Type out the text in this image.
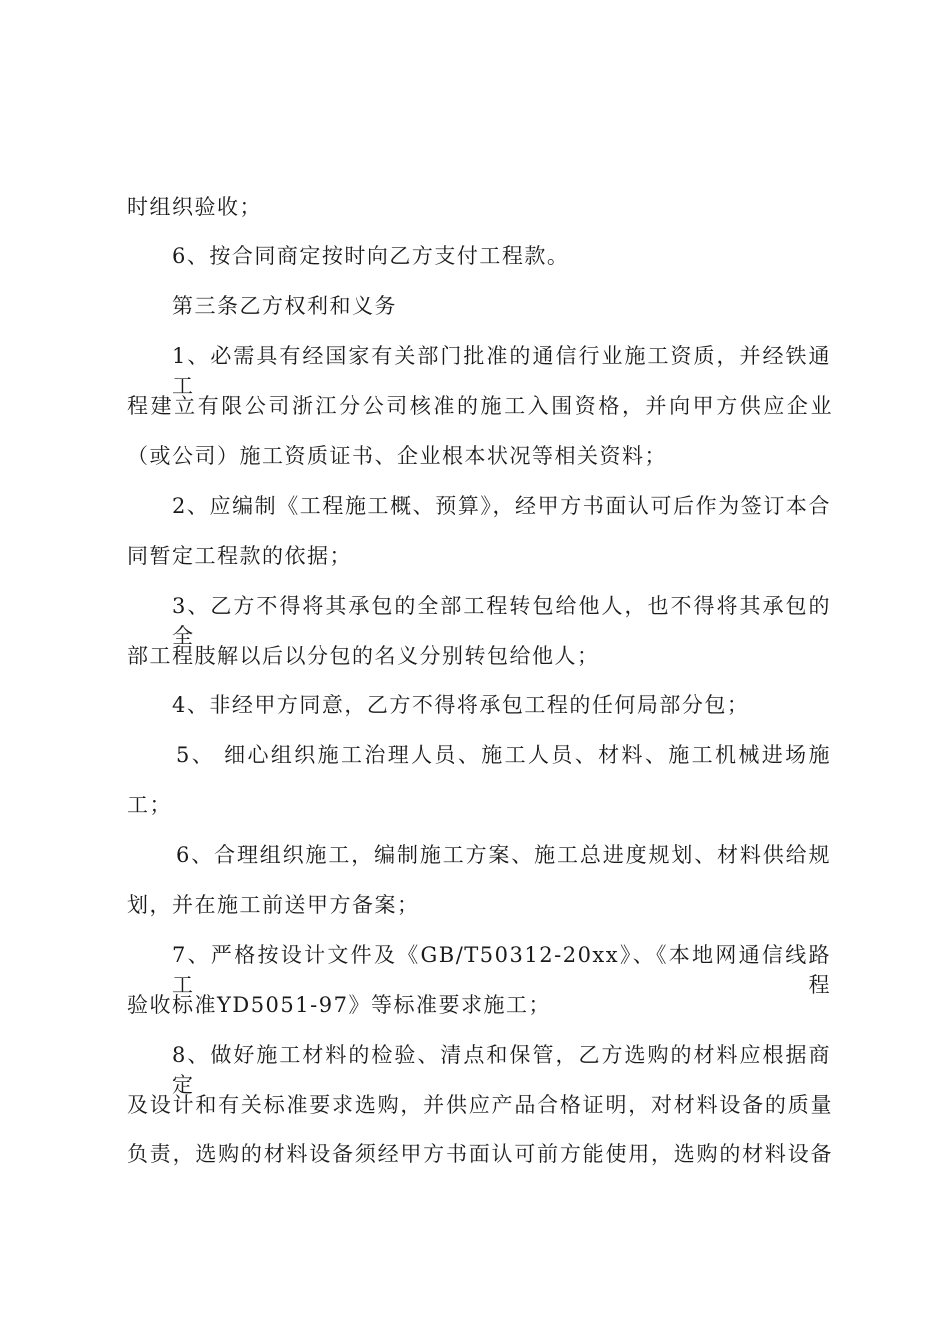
时组织验收；
6、按合同商定按时向乙方支付工程款。
第三条乙方权利和义务
1、必需具有经国家有关部门批准的通信行业施工资质，并经铁通工
程建立有限公司浙江分公司核准的施工入围资格，并向甲方供应企业
（或公司）施工资质证书、企业根本状况等相关资料；
2、应编制《工程施工概、预算》，经甲方书面认可后作为签订本合
同暂定工程款的依据；
3、乙方不得将其承包的全部工程转包给他人，也不得将其承包的全
部工程肢解以后以分包的名义分别转包给他人；
4、非经甲方同意，乙方不得将承包工程的任何局部分包；
5、 细心组织施工治理人员、施工人员、材料、施工机械进场施
工；
6、合理组织施工，编制施工方案、施工总进度规划、材料供给规
划，并在施工前送甲方备案；
7、严格按设计文件及《GB/T50312-20xx》、《本地网通信线路工程
验收标准YD5051-97》等标准要求施工；
8、做好施工材料的检验、清点和保管，乙方选购的材料应根据商定
及设计和有关标准要求选购，并供应产品合格证明，对材料设备的质量
负责，选购的材料设备须经甲方书面认可前方能使用，选购的材料设备
